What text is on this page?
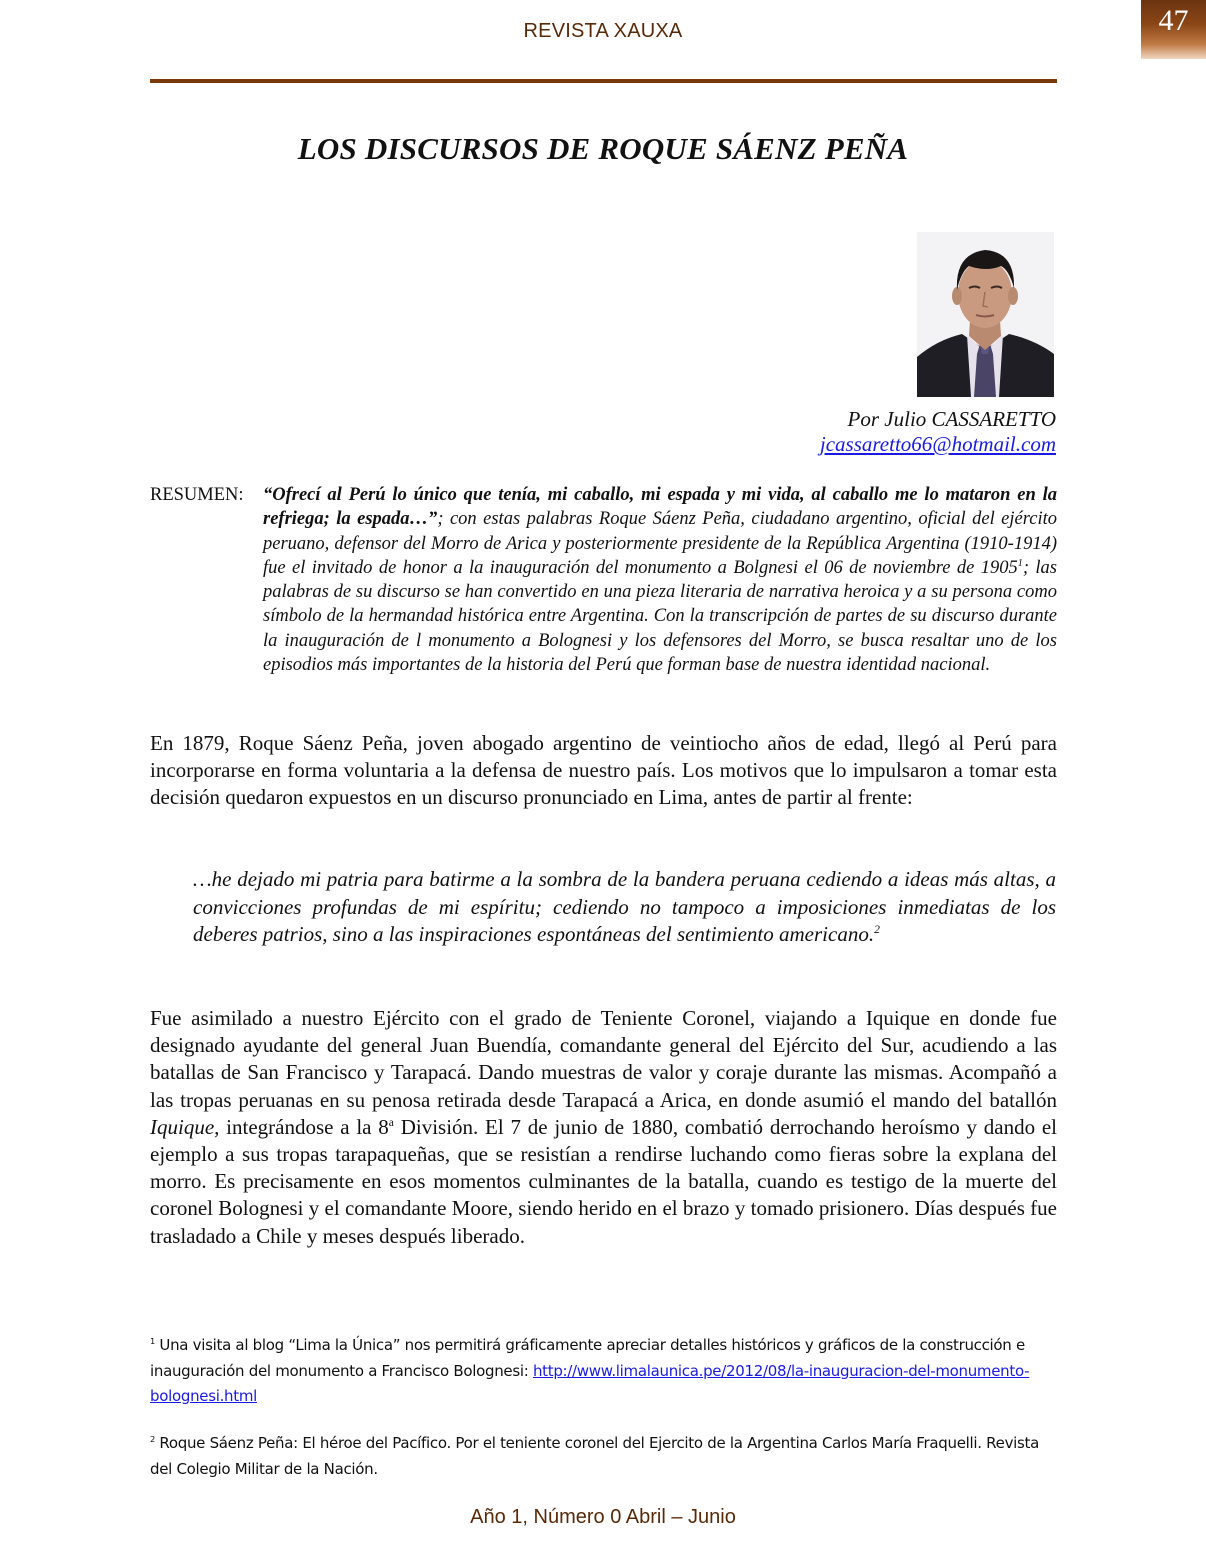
REVISTA XAUXA	47
LOS DISCURSOS DE ROQUE SÁENZ PEÑA
Por Julio CASSARETTO
jcassaretto66@hotmail.com
RESUMEN: “Ofrecí al Perú lo único que tenía, mi caballo, mi espada y mi vida, al caballo me lo mataron en la refriega; la espada…”; con estas palabras Roque Sáenz Peña, ciudadano argentino, oficial del ejército peruano, defensor del Morro de Arica y posteriormente presidente de la República Argentina (1910-1914) fue el invitado de honor a la inauguración del monumento a Bolgnesi el 06 de noviembre de 1905$^1$; las palabras de su discurso se han convertido en una pieza literaria de narrativa heroica y a su persona como símbolo de la hermandad histórica entre Argentina. Con la transcripción de partes de su discurso durante la inauguración de l monumento a Bolognesi y los defensores del Morro, se busca resaltar uno de los episodios más importantes de la historia del Perú que forman base de nuestra identidad nacional.

En 1879, Roque Sáenz Peña, joven abogado argentino de veintiocho años de edad, llegó al Perú para incorporarse en forma voluntaria a la defensa de nuestro país. Los motivos que lo impulsaron a tomar esta decisión quedaron expuestos en un discurso pronunciado en Lima, antes de partir al frente:

…he dejado mi patria para batirme a la sombra de la bandera peruana cediendo a ideas más altas, a convicciones profundas de mi espíritu; cediendo no tampoco a imposiciones inmediatas de los deberes patrios, sino a las inspiraciones espontáneas del sentimiento americano.$^2$

Fue asimilado a nuestro Ejército con el grado de Teniente Coronel, viajando a Iquique en donde fue designado ayudante del general Juan Buendía, comandante general del Ejército del Sur, acudiendo a las batallas de San Francisco y Tarapacá. Dando muestras de valor y coraje durante las mismas. Acompañó a las tropas peruanas en su penosa retirada desde Tarapacá a Arica, en donde asumió el mando del batallón Iquique, integrándose a la 8$^a$ División. El 7 de junio de 1880, combatió derrochando heroísmo y dando el ejemplo a sus tropas tarapaqueñas, que se resistían a rendirse luchando como fieras sobre la explana del morro. Es precisamente en esos momentos culminantes de la batalla, cuando es testigo de la muerte del coronel Bolognesi y el comandante Moore, siendo herido en el brazo y tomado prisionero. Días después fue trasladado a Chile y meses después liberado.

$^1$ Una visita al blog “Lima la Única” nos permitirá gráficamente apreciar detalles históricos y gráficos de la construcción e inauguración del monumento a Francisco Bolognesi: http://www.limalaunica.pe/2012/08/la-inauguracion-del-monumento-bolognesi.html
$^2$ Roque Sáenz Peña: El héroe del Pacífico. Por el teniente coronel del Ejercito de la Argentina Carlos María Fraquelli. Revista del Colegio Militar de la Nación.
Año 1, Número 0 Abril – Junio
